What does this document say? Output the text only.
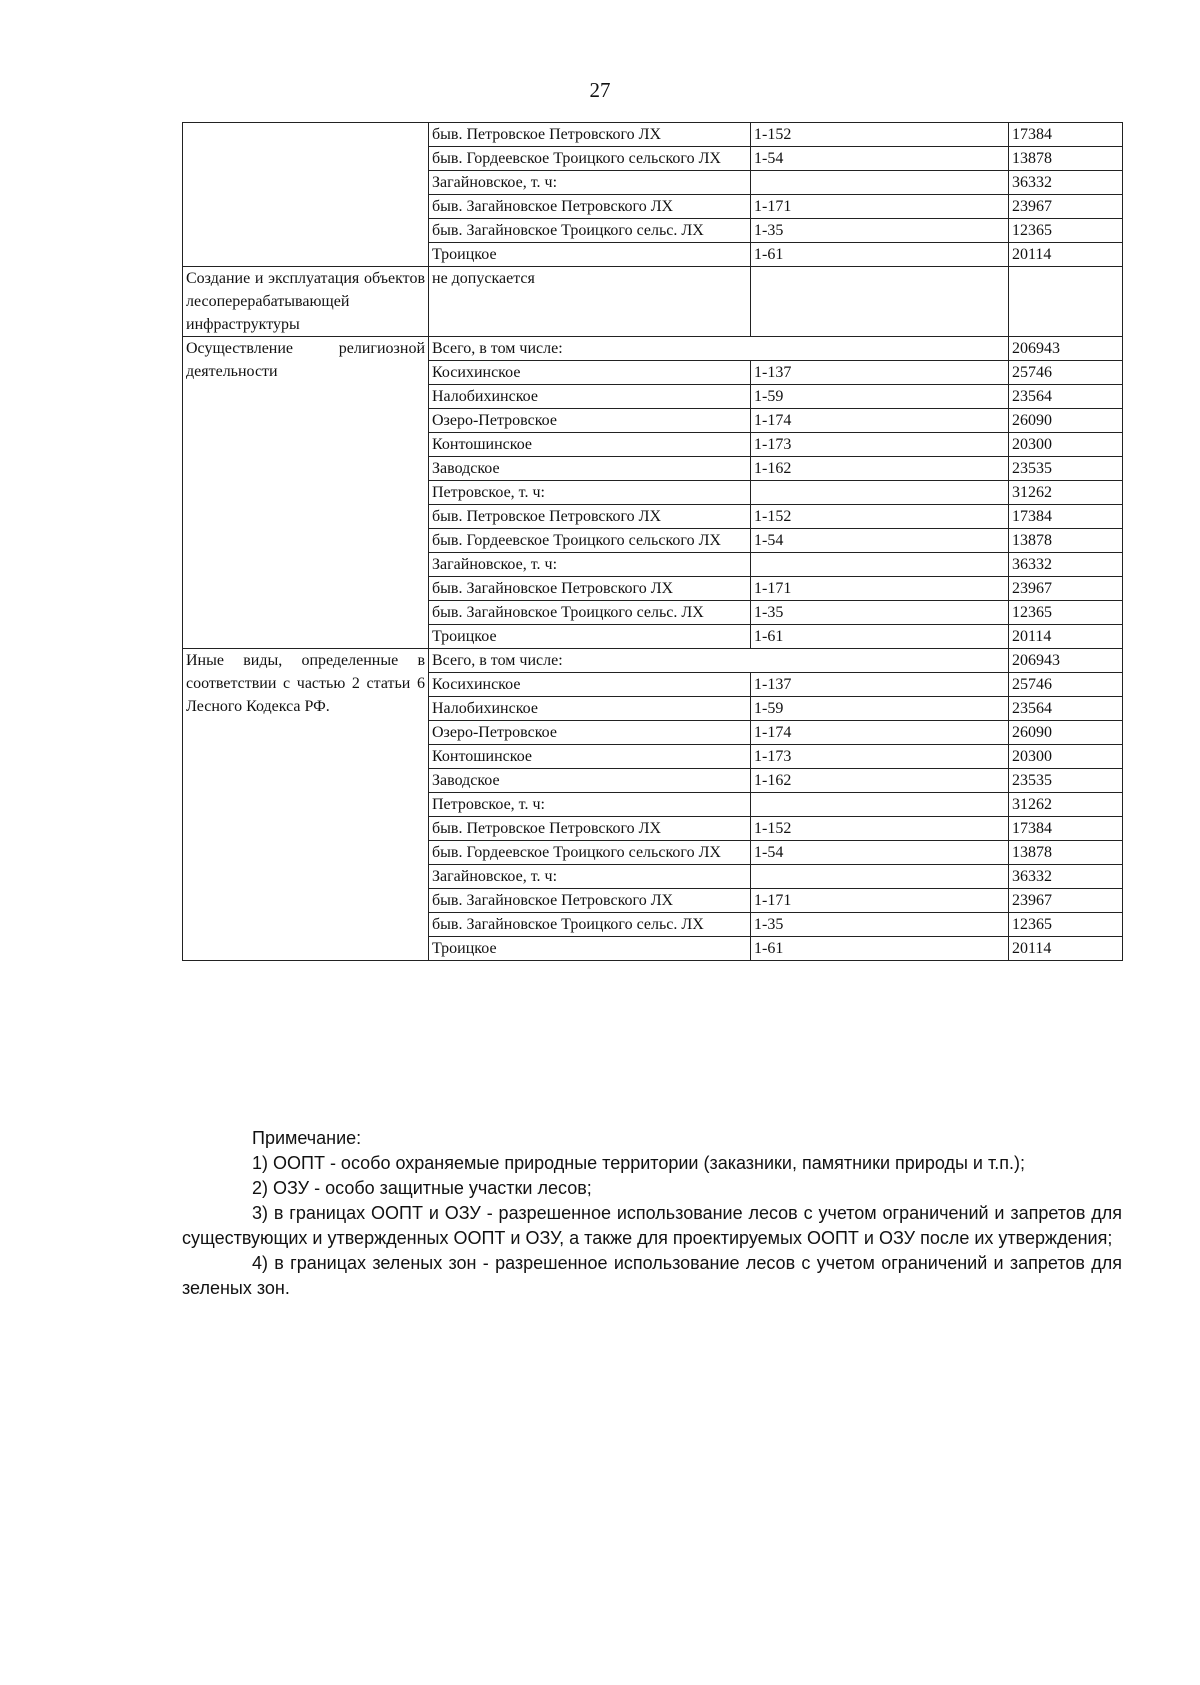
27
	быв. Петровское Петровского ЛХ	1-152	17384
	быв. Гордеевское Троицкого сельского ЛХ	1-54	13878
	Загайновское, т. ч:		36332
	быв. Загайновское Петровского ЛХ	1-171	23967
	быв. Загайновское Троицкого сельс. ЛХ	1-35	12365
	Троицкое	1-61	20114
Создание и эксплуатация объектов лесоперерабатывающей инфраструктуры	не допускается		
Осуществление религиозной деятельности	Всего, в том числе:		206943
	Косихинское	1-137	25746
	Налобихинское	1-59	23564
	Озеро-Петровское	1-174	26090
	Контошинское	1-173	20300
	Заводское	1-162	23535
	Петровское, т. ч:		31262
	быв. Петровское Петровского ЛХ	1-152	17384
	быв. Гордеевское Троицкого сельского ЛХ	1-54	13878
	Загайновское, т. ч:		36332
	быв. Загайновское Петровского ЛХ	1-171	23967
	быв. Загайновское Троицкого сельс. ЛХ	1-35	12365
	Троицкое	1-61	20114
Иные виды, определенные в соответствии с частью 2 статьи 6 Лесного Кодекса РФ.	Всего, в том числе:		206943
	Косихинское	1-137	25746
	Налобихинское	1-59	23564
	Озеро-Петровское	1-174	26090
	Контошинское	1-173	20300
	Заводское	1-162	23535
	Петровское, т. ч:		31262
	быв. Петровское Петровского ЛХ	1-152	17384
	быв. Гордеевское Троицкого сельского ЛХ	1-54	13878
	Загайновское, т. ч:		36332
	быв. Загайновское Петровского ЛХ	1-171	23967
	быв. Загайновское Троицкого сельс. ЛХ	1-35	12365
	Троицкое	1-61	20114

Примечание:

1) ООПТ - особо охраняемые природные территории (заказники, памятники природы и т.п.);

2) ОЗУ - особо защитные участки лесов;

3) в границах ООПТ и ОЗУ - разрешенное использование лесов с учетом ограничений и запретов для существующих и утвержденных ООПТ и ОЗУ, а также для проектируемых ООПТ и ОЗУ после их утверждения;

4) в границах зеленых зон - разрешенное использование лесов с учетом ограничений и запретов для зеленых зон.
